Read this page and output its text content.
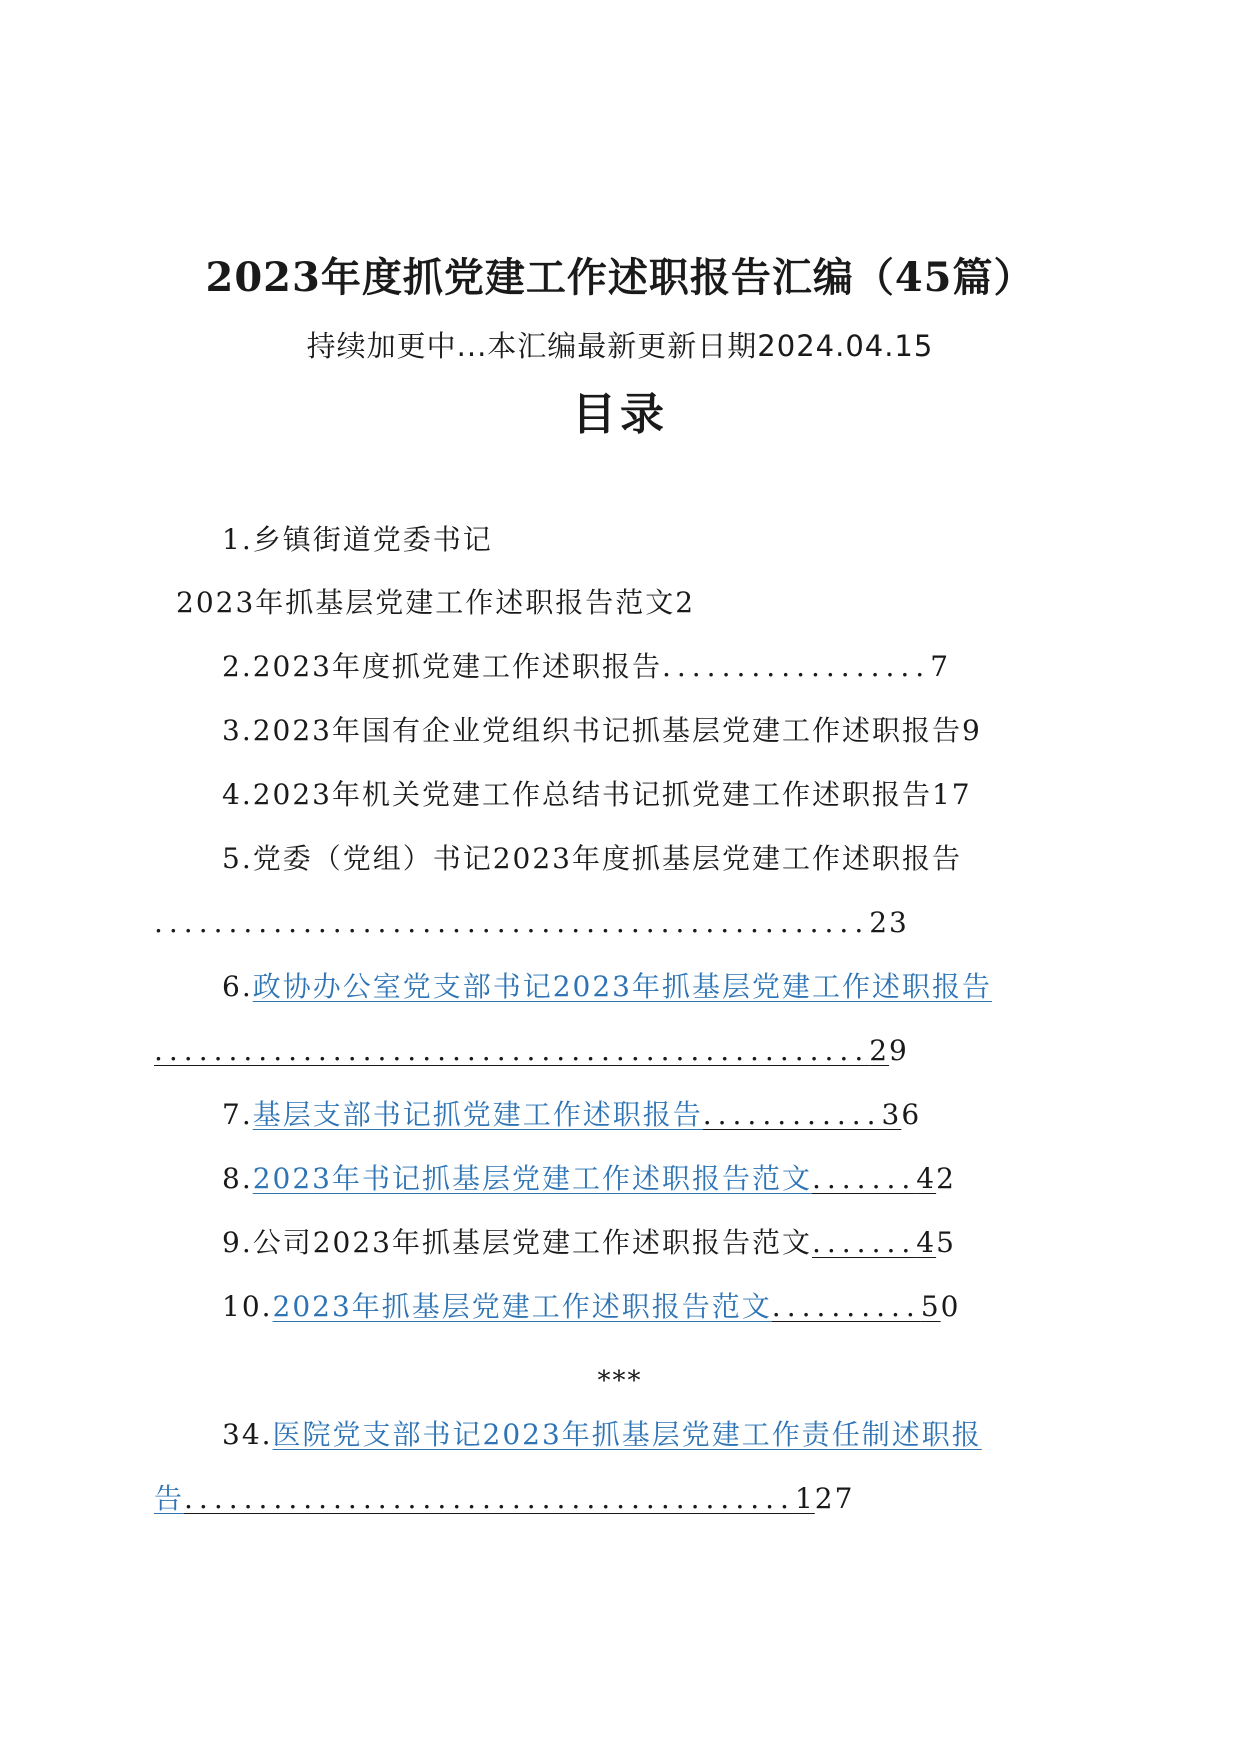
2023年度抓党建工作述职报告汇编（45篇）
持续加更中...本汇编最新更新日期2024.04.15
目录
1.乡镇街道党委书记
2023年抓基层党建工作述职报告范文2
2.2023年度抓党建工作述职报告..................7
3.2023年国有企业党组织书记抓基层党建工作述职报告9
4.2023年机关党建工作总结书记抓党建工作述职报告17
5.党委（党组）书记2023年度抓基层党建工作述职报告
................................................23
6.政协办公室党支部书记2023年抓基层党建工作述职报告
................................................29
7.基层支部书记抓党建工作述职报告............36
8.2023年书记抓基层党建工作述职报告范文.......42
9.公司2023年抓基层党建工作述职报告范文.......45
10.2023年抓基层党建工作述职报告范文..........50
***
34.医院党支部书记2023年抓基层党建工作责任制述职报
告.........................................127
